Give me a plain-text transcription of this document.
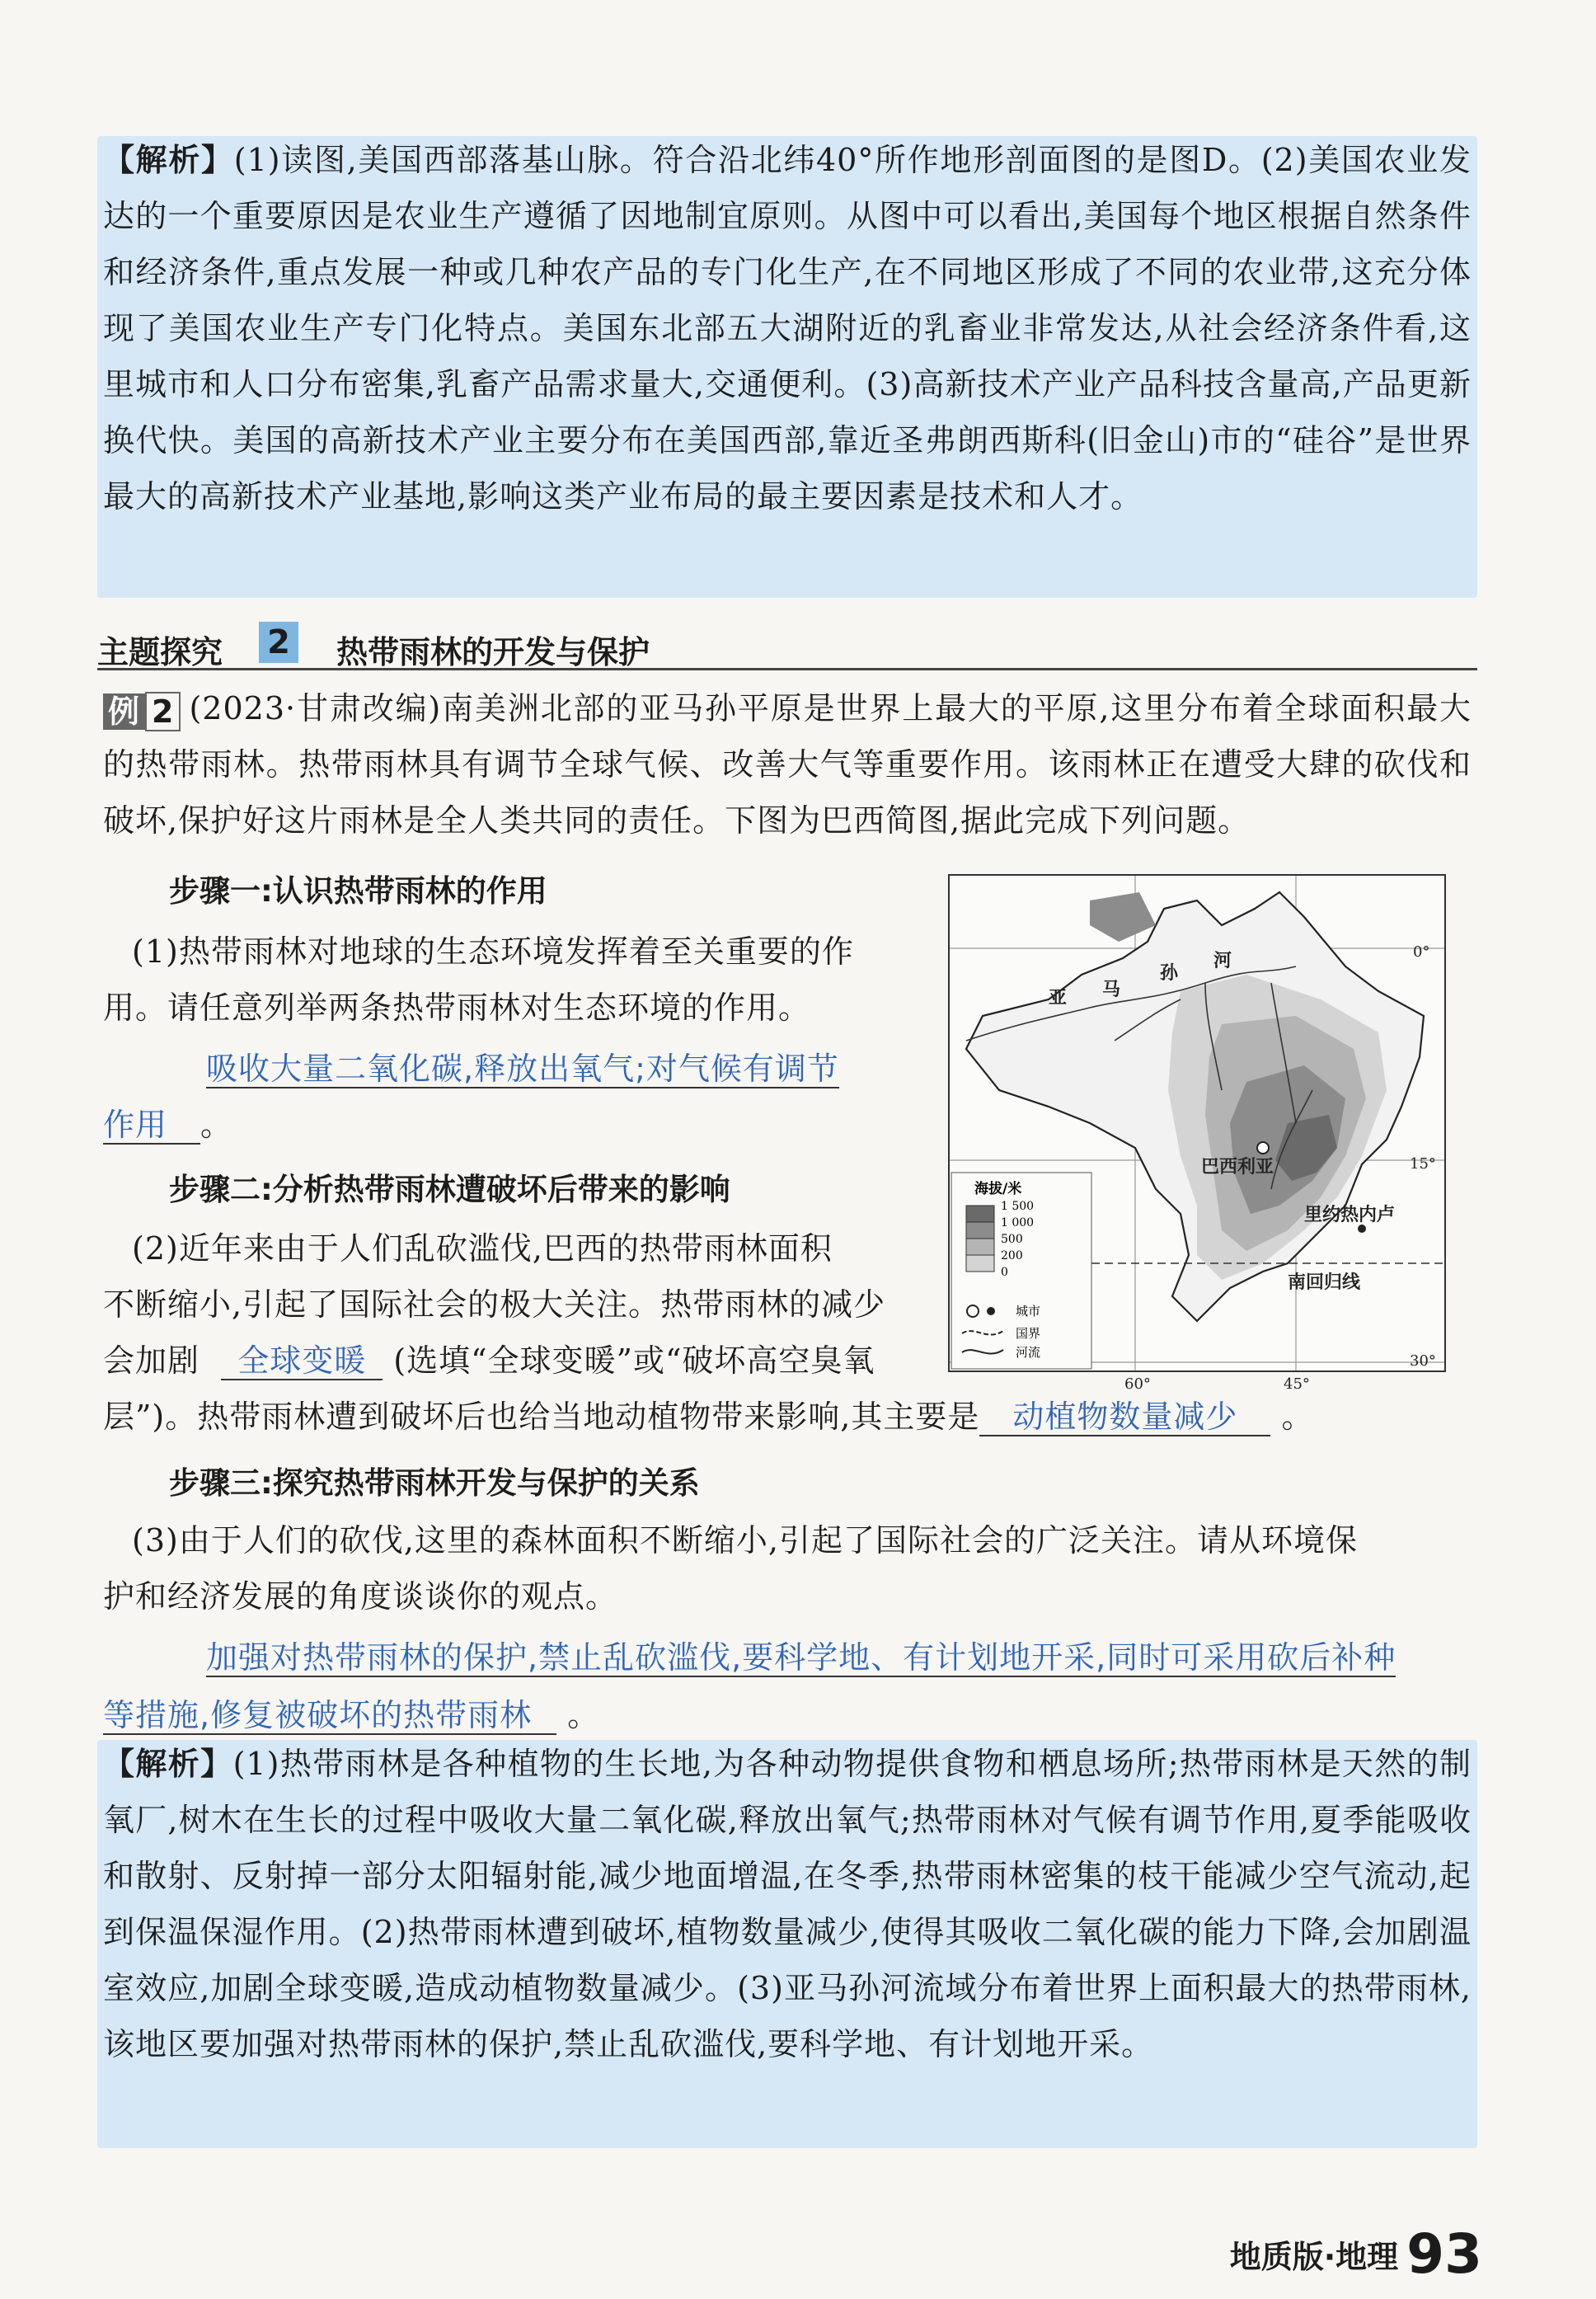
【解析】(1)读图,美国西部落基山脉。符合沿北纬40°所作地形剖面图的是图D。(2)美国农业发达的一个重要原因是农业生产遵循了因地制宜原则。从图中可以看出,美国每个地区根据自然条件和经济条件,重点发展一种或几种农产品的专门化生产,在不同地区形成了不同的农业带,这充分体现了美国农业生产专门化特点。美国东北部五大湖附近的乳畜业非常发达,从社会经济条件看,这里城市和人口分布密集,乳畜产品需求量大,交通便利。(3)高新技术产业产品科技含量高,产品更新换代快。美国的高新技术产业主要分布在美国西部,靠近圣弗朗西斯科(旧金山)市的“硅谷”是世界最大的高新技术产业基地,影响这类产业布局的最主要因素是技术和人才。
主题探究 2 热带雨林的开发与保护
例 2 (2023·甘肃改编)南美洲北部的亚马孙平原是世界上最大的平原,这里分布着全球面积最大的热带雨林。热带雨林具有调节全球气候、改善大气等重要作用。该雨林正在遭受大肆的砍伐和破坏,保护好这片雨林是全人类共同的责任。下图为巴西简图,据此完成下列问题。
步骤一:认识热带雨林的作用
(1)热带雨林对地球的生态环境发挥着至关重要的作
用。请任意列举两条热带雨林对生态环境的作用。
吸收大量二氧化碳,释放出氧气;对气候有调节
作用 。
步骤二:分析热带雨林遭破坏后带来的影响
(2)近年来由于人们乱砍滥伐,巴西的热带雨林面积
不断缩小,引起了国际社会的极大关注。热带雨林的减少
会加剧 全球变暖 (选填“全球变暖”或“破坏高空臭氧
层”)。热带雨林遭到破坏后也给当地动植物带来影响,其主要是 动植物数量减少 。
步骤三:探究热带雨林开发与保护的关系
(3)由于人们的砍伐,这里的森林面积不断缩小,引起了国际社会的广泛关注。请从环境保
护和经济发展的角度谈谈你的观点。
加强对热带雨林的保护,禁止乱砍滥伐,要科学地、有计划地开采,同时可采用砍后补种
等措施,修复被破坏的热带雨林 。
亚 马
孙
河
巴西利亚
里约热内卢
南回归线
0°
15°
30°
60°	45°
海拔/米
1 500
1 000
500
200
0
城市
国界
河流
【解析】(1)热带雨林是各种植物的生长地,为各种动物提供食物和栖息场所;热带雨林是天然的制氧厂,树木在生长的过程中吸收大量二氧化碳,释放出氧气;热带雨林对气候有调节作用,夏季能吸收和散射、反射掉一部分太阳辐射能,减少地面增温,在冬季,热带雨林密集的枝干能减少空气流动,起到保温保湿作用。(2)热带雨林遭到破坏,植物数量减少,使得其吸收二氧化碳的能力下降,会加剧温室效应,加剧全球变暖,造成动植物数量减少。(3)亚马孙河流域分布着世界上面积最大的热带雨林,该地区要加强对热带雨林的保护,禁止乱砍滥伐,要科学地、有计划地开采。
地质版·地理 93
